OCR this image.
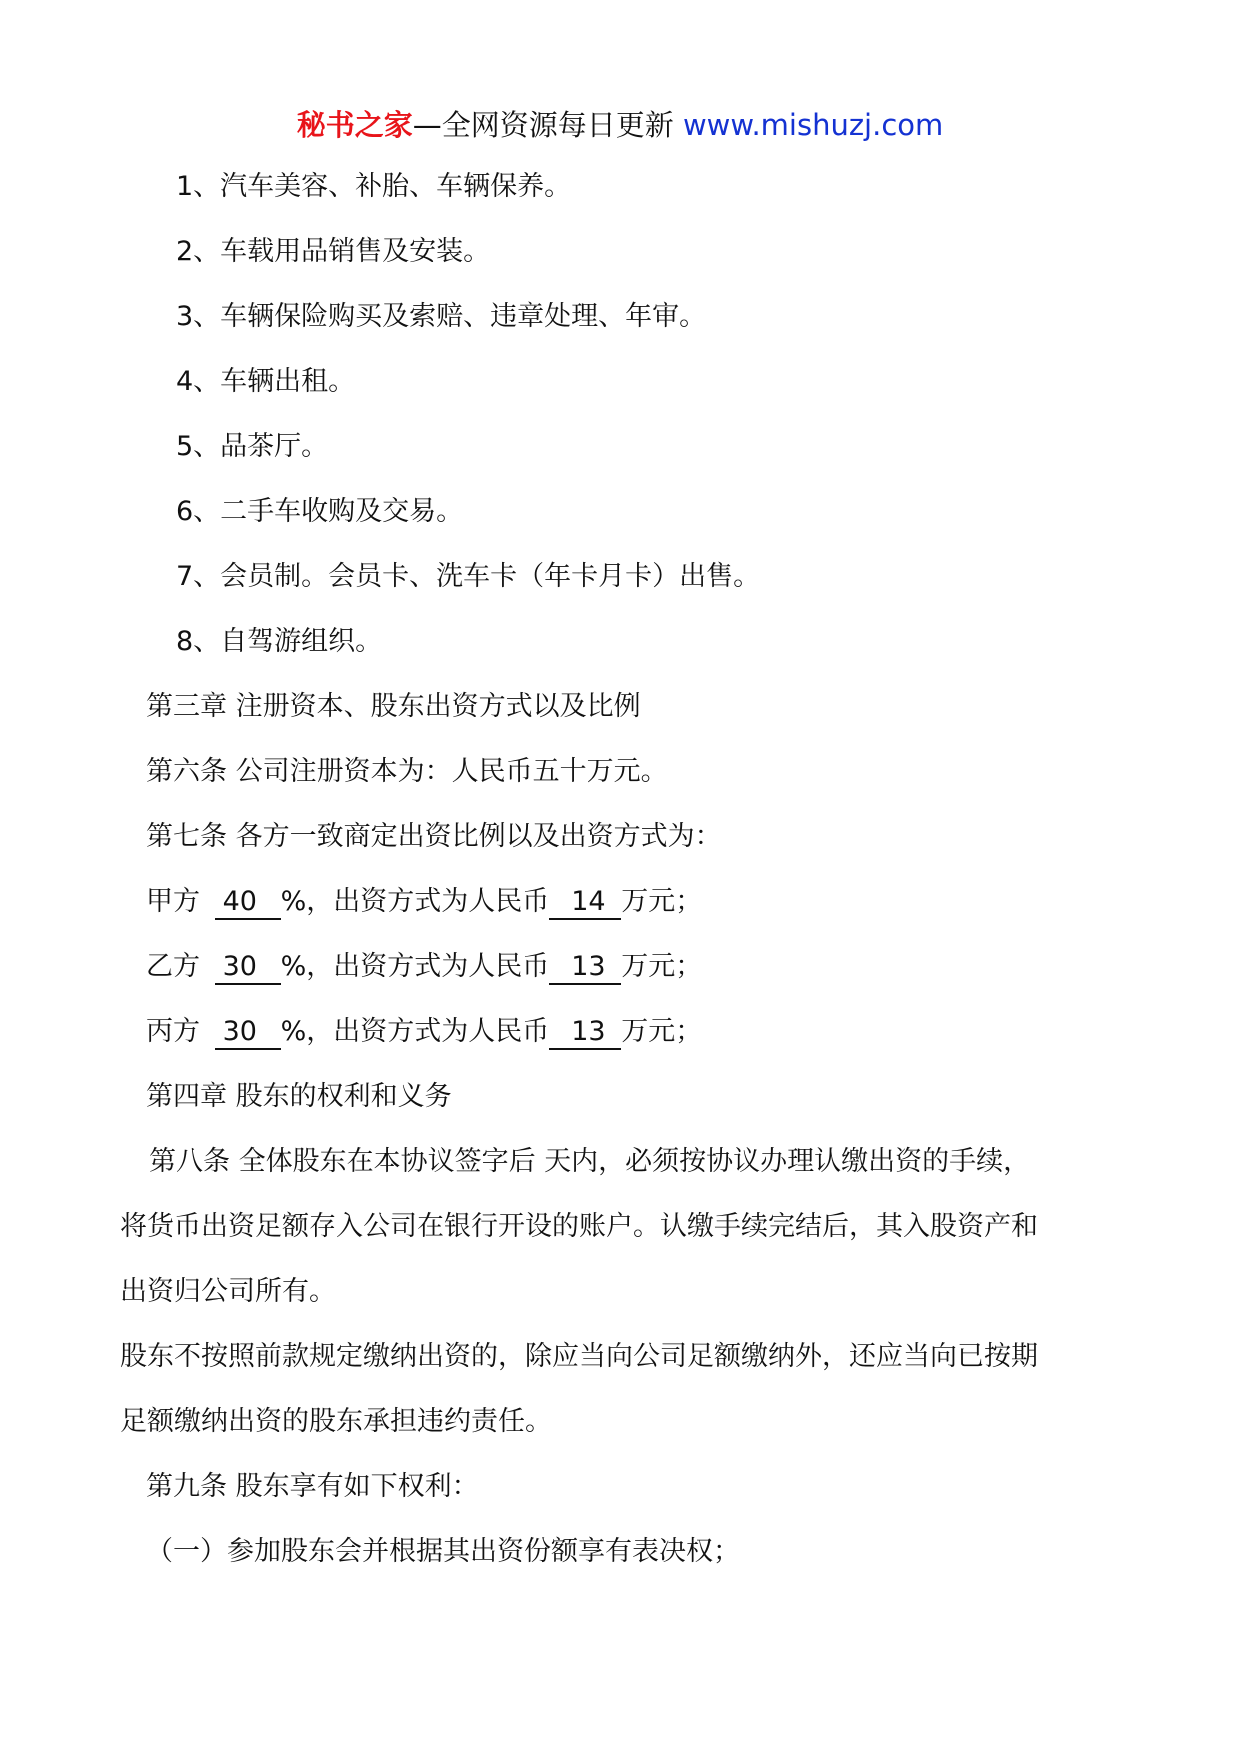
秘书之家—全网资源每日更新 www.mishuzj.com
1、汽车美容、补胎、车辆保养。
2、车载用品销售及安装。
3、车辆保险购买及索赔、违章处理、年审。
4、车辆出租。
5、品茶厅。
6、二手车收购及交易。
7、会员制。会员卡、洗车卡（年卡月卡）出售。
8、自驾游组织。
第三章 注册资本、股东出资方式以及比例
第六条 公司注册资本为：人民币五十万元。
第七条 各方一致商定出资比例以及出资方式为：
甲方 40 %，出资方式为人民币 14 万元；
乙方 30 %，出资方式为人民币 13 万元；
丙方 30 %，出资方式为人民币 13 万元；
第四章 股东的权利和义务
第八条 全体股东在本协议签字后 天内，必须按协议办理认缴出资的手续，
将货币出资足额存入公司在银行开设的账户。认缴手续完结后，其入股资产和
出资归公司所有。
股东不按照前款规定缴纳出资的，除应当向公司足额缴纳外，还应当向已按期
足额缴纳出资的股东承担违约责任。
第九条 股东享有如下权利：
（一）参加股东会并根据其出资份额享有表决权；
